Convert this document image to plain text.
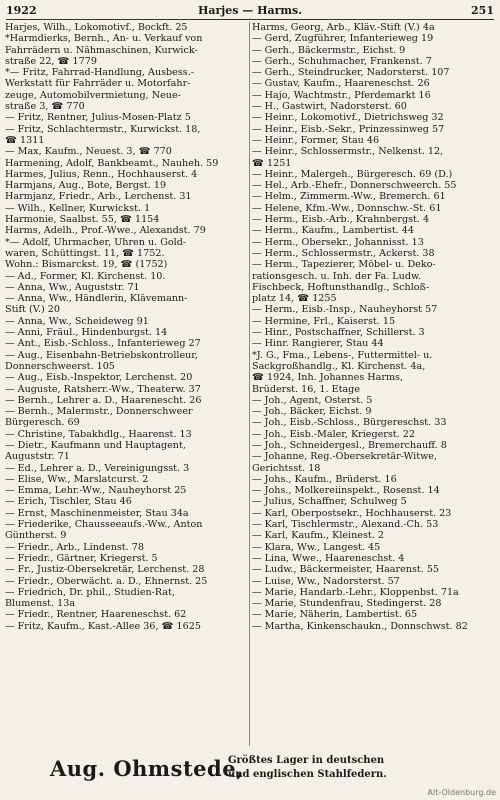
1922	Harjes — Harms.	251
Harjes, Wilh., Lokomotivf., Bockft. 25
*Harmdierks, Bernh., An- u. Verkauf von
Fahrrädern u. Nähmaschinen, Kurwick-
straße 22, ☎ 1779
*— Fritz, Fahrrad-Handlung, Ausbess.-
Werkstatt für Fahrräder u. Motorfahr-
zeuge, Automobilvermietung, Neue-
straße 3, ☎ 770
— Fritz, Rentner, Julius-Mosen-Platz 5
— Fritz, Schlachtermstr., Kurwickst. 18,
☎ 1311
— Max, Kaufm., Neuest. 3, ☎ 770
Harmening, Adolf, Bankbeamt., Nauheh. 59
Harmes, Julius, Renn., Hochhauserst. 4
Harmjans, Aug., Bote, Bergst. 19
Harmjanz, Friedr., Arb., Lerchenst. 31
— Wilh., Kellner, Kurwickst. 1
Harmonie, Saalbst. 55, ☎ 1154
Harms, Adelh., Prof.-Wwe., Alexandst. 79
*— Adolf, Uhrmacher, Uhren u. Gold-
waren, Schüttingst. 11, ☎ 1752.
Wohn.: Bismarckst. 19, ☎ (1752)
— Ad., Former, Kl. Kirchenst. 10.
— Anna, Ww., Auguststr. 71
— Anna, Ww., Händlerin, Klävemann-
Stift (V.) 20
— Anna, Ww., Scheideweg 91
— Anni, Fräul., Hindenburgst. 14
— Ant., Eisb.-Schloss., Infanterieweg 27
— Aug., Eisenbahn-Betriebskontrolleur,
Donnerschweerst. 105
— Aug., Eisb.-Inspektor, Lerchenst. 20
— Auguste, Ratsherr.-Ww., Theaterw. 37
— Bernh., Lehrer a. D., Haarenescht. 26
— Bernh., Malermstr., Donnerschweer
Bürgeresch. 69
— Christine, Tabakhdlg., Haarenst. 13
— Dietr., Kaufmann und Hauptagent,
Auguststr. 71
— Ed., Lehrer a. D., Vereinigungsst. 3
— Elise, Ww., Marslatcurst. 2
— Emma, Lehr.-Ww., Nauheyhorst 25
— Erich, Tischler, Stau 46
— Ernst, Maschinenmeister, Stau 34a
— Friederike, Chausseeaufs.-Ww., Anton
Güntherst. 9
— Friedr., Arb., Lindenst. 78
— Friedr., Gärtner, Kriegerst. 5
— Fr., Justiz-Obersekretär, Lerchenst. 28
— Friedr., Oberwächt. a. D., Ehnernst. 25
— Friedrich, Dr. phil., Studien-Rat,
Blumenst. 13a
— Friedr., Rentner, Haareneschst. 62
— Fritz, Kaufm., Kast.-Allee 36, ☎ 1625
Harms, Georg, Arb., Kläv.-Stift (V.) 4a
— Gerd, Zugführer, Infanterieweg 19
— Gerh., Bäckermstr., Eichst. 9
— Gerh., Schuhmacher, Frankenst. 7
— Gerh., Steindrucker, Nadorsterst. 107
— Gustav, Kaufm., Haareneschst. 26
— Hajo, Wachtmstr., Pferdemarkt 16
— H., Gastwirt, Nadorsterst. 60
— Heinr., Lokomotivf., Dietrichsweg 32
— Heinr., Eisb.-Sekr., Prinzessinweg 57
— Heinr., Former, Stau 46
— Heinr., Schlossermstr., Nelkenst. 12,
☎ 1251
— Heinr., Malergeh., Bürgeresch. 69 (D.)
— Hel., Arb.-Ehefr., Donnerschweerch. 55
— Helm., Zimmerm.-Ww., Bremerch. 61
— Helene, Kfm.-Ww., Donnschw.-St. 61
— Herm., Eisb.-Arb., Krahnbergst. 4
— Herm., Kaufm., Lambertist. 44
— Herm., Obersekr., Johannisst. 13
— Herm., Schlossermstr., Ackerst. 38
— Herm., Tapezierer, Möbel- u. Deko-
rationsgesch. u. Inh. der Fa. Ludw.
Fischbeck, Hoftunsthandlg., Schloß-
platz 14, ☎ 1255
— Herm., Eisb.-Insp., Nauheyhorst 57
— Hermine, Frl., Kaiserst. 15
— Hinr., Postschaffner, Schillerst. 3
— Hinr. Rangierer, Stau 44
*J. G., Fma., Lebens-, Futtermittel- u.
Sackgroßhandlg., Kl. Kirchenst. 4a,
☎ 1924, Inh. Johannes Harms,
Brüderst. 16, 1. Etage
— Joh., Agent, Osterst. 5
— Joh., Bäcker, Eichst. 9
— Joh., Eisb.-Schloss., Bürgereschst. 33
— Joh., Eisb.-Maler, Kriegerst. 22
— Joh., Schneidergesl., Bremerchauff. 8
— Johanne, Reg.-Obersekretär-Witwe,
Gerichtsst. 18
— Johs., Kaufm., Brüderst. 16
— Johs., Molkereiinspekt., Rosenst. 14
— Julius, Schaffner, Schulweg 5
— Karl, Oberpostsekr., Hochhauserst. 23
— Karl, Tischlermstr., Alexand.-Ch. 53
— Karl, Kaufm., Kleinest. 2
— Klara, Ww., Langest. 45
— Lina, Wwe., Haareneschst. 4
— Ludw., Bäckermeister, Haarenst. 55
— Luise, Ww., Nadorsterst. 57
— Marie, Handarb.-Lehr., Kloppenbst. 71a
— Marie, Stundenfrau, Stedingerst. 28
— Marie, Näherin, Lambertist. 65
— Martha, Kinkenschaukn., Donnschwst. 82
Aug. Ohmstede,
Größtes Lager in deutschen
und englischen Stahlfedern.
Alt-Oldenburg.de
